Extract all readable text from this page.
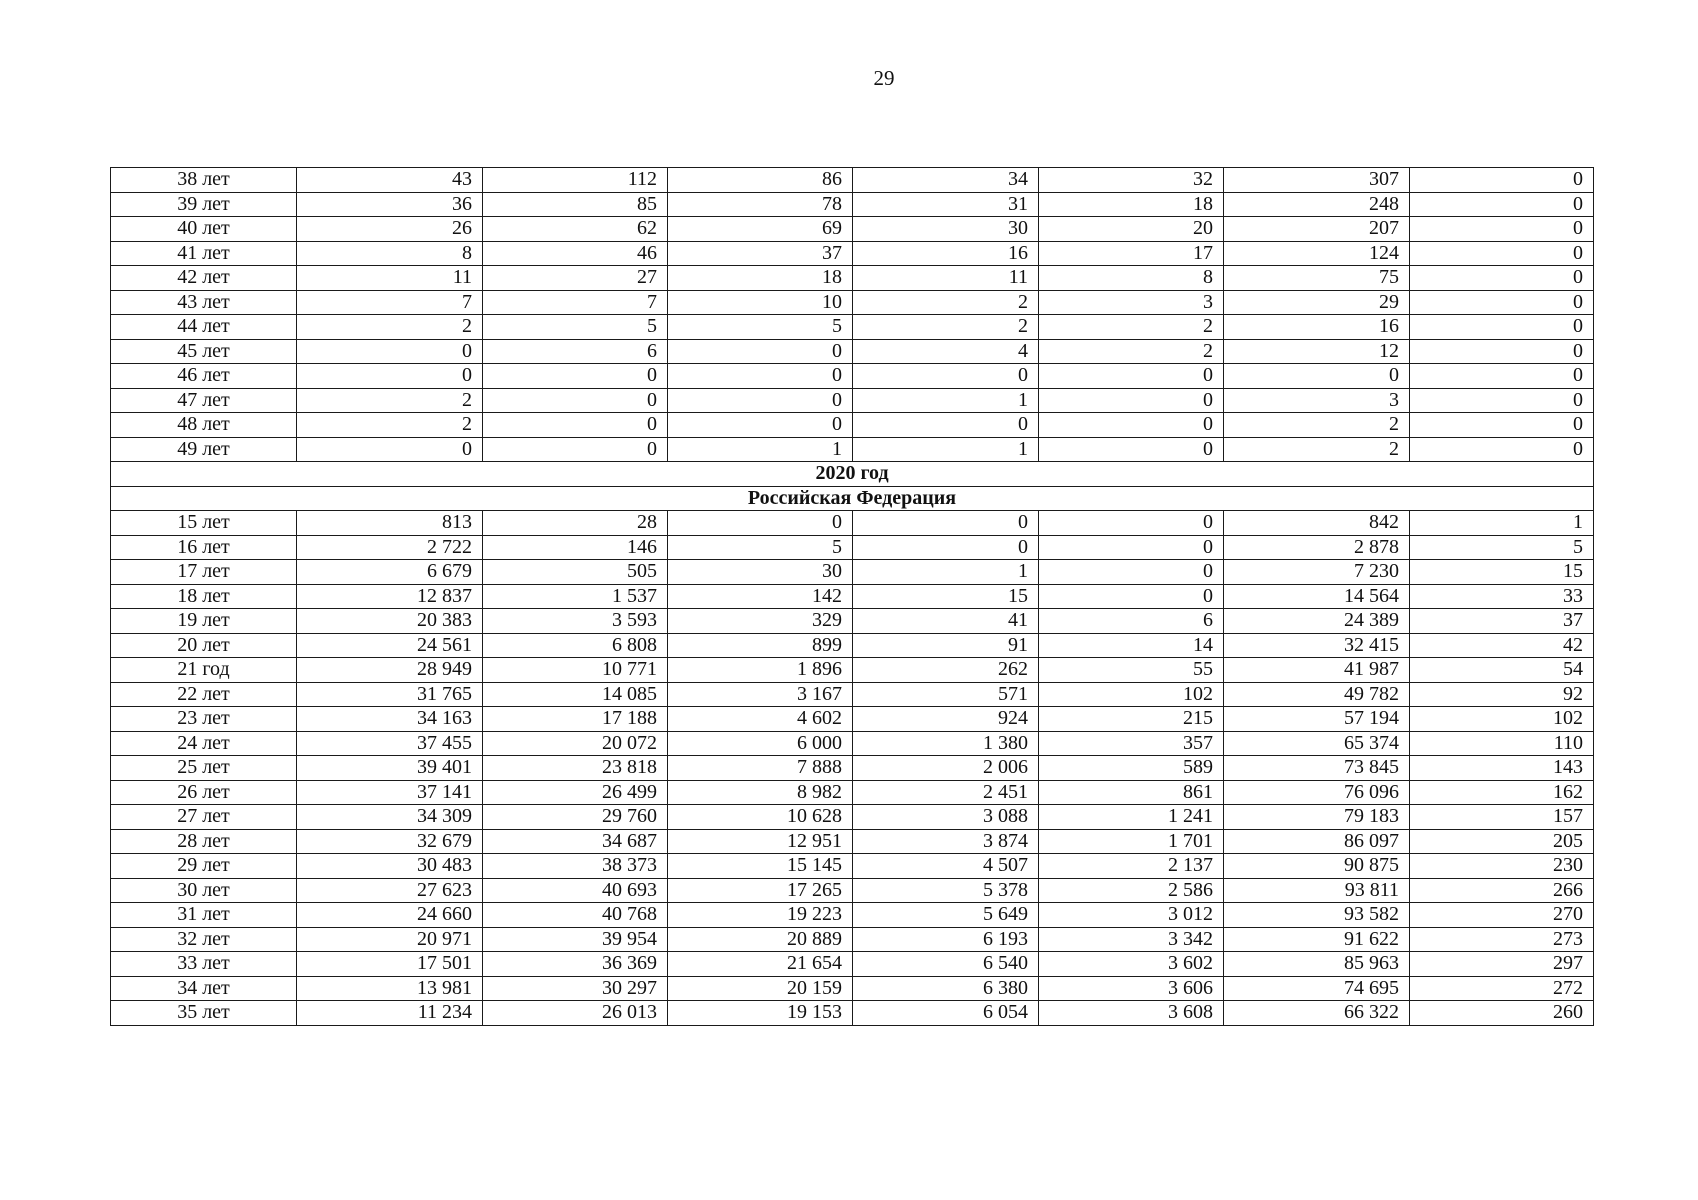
29
38 лет	43	112	86	34	32	307	0
39 лет	36	85	78	31	18	248	0
40 лет	26	62	69	30	20	207	0
41 лет	8	46	37	16	17	124	0
42 лет	11	27	18	11	8	75	0
43 лет	7	7	10	2	3	29	0
44 лет	2	5	5	2	2	16	0
45 лет	0	6	0	4	2	12	0
46 лет	0	0	0	0	0	0	0
47 лет	2	0	0	1	0	3	0
48 лет	2	0	0	0	0	2	0
49 лет	0	0	1	1	0	2	0
2020 год							
Российская Федерация							
15 лет	813	28	0	0	0	842	1
16 лет	2 722	146	5	0	0	2 878	5
17 лет	6 679	505	30	1	0	7 230	15
18 лет	12 837	1 537	142	15	0	14 564	33
19 лет	20 383	3 593	329	41	6	24 389	37
20 лет	24 561	6 808	899	91	14	32 415	42
21 год	28 949	10 771	1 896	262	55	41 987	54
22 лет	31 765	14 085	3 167	571	102	49 782	92
23 лет	34 163	17 188	4 602	924	215	57 194	102
24 лет	37 455	20 072	6 000	1 380	357	65 374	110
25 лет	39 401	23 818	7 888	2 006	589	73 845	143
26 лет	37 141	26 499	8 982	2 451	861	76 096	162
27 лет	34 309	29 760	10 628	3 088	1 241	79 183	157
28 лет	32 679	34 687	12 951	3 874	1 701	86 097	205
29 лет	30 483	38 373	15 145	4 507	2 137	90 875	230
30 лет	27 623	40 693	17 265	5 378	2 586	93 811	266
31 лет	24 660	40 768	19 223	5 649	3 012	93 582	270
32 лет	20 971	39 954	20 889	6 193	3 342	91 622	273
33 лет	17 501	36 369	21 654	6 540	3 602	85 963	297
34 лет	13 981	30 297	20 159	6 380	3 606	74 695	272
35 лет	11 234	26 013	19 153	6 054	3 608	66 322	260
